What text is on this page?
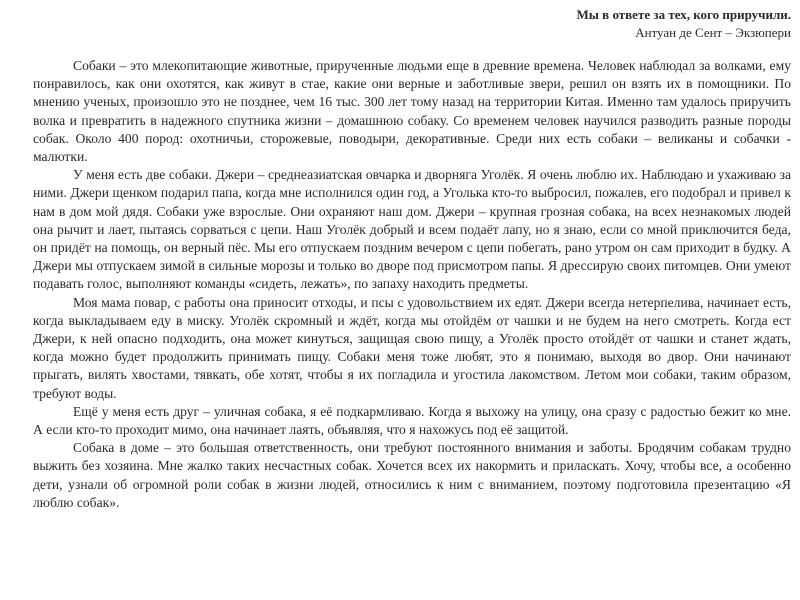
Мы в ответе за тех, кого приручили.
Антуан де Сент – Экзюпери

Собаки – это млекопитающие животные, прирученные людьми еще в древние времена. Человек наблюдал за волками, ему понравилось, как они охотятся, как живут в стае, какие они верные и заботливые звери, решил он взять их в помощники. По мнению ученых, произошло это не позднее, чем 16 тыс. 300 лет тому назад на территории Китая. Именно там удалось приручить волка и превратить в надежного спутника жизни – домашнюю собаку. Со временем человек научился разводить разные породы собак. Около 400 пород: охотничьи, сторожевые, поводыри, декоративные. Среди них есть собаки – великаны и собачки - малютки.

У меня есть две собаки. Джери – среднеазиатская овчарка и дворняга Уголёк. Я очень люблю их. Наблюдаю и ухаживаю за ними. Джери щенком подарил папа, когда мне исполнился один год, а Уголька кто-то выбросил, пожалев, его подобрал и привел к нам в дом мой дядя. Собаки уже взрослые. Они охраняют наш дом. Джери – крупная грозная собака, на всех незнакомых людей она рычит и лает, пытаясь сорваться с цепи. Наш Уголёк добрый и всем подаёт лапу, но я знаю, если со мной приключится беда, он придёт на помощь, он верный пёс. Мы его отпускаем поздним вечером с цепи побегать, рано утром он сам приходит в будку. А Джери мы отпускаем зимой в сильные морозы и только во дворе под присмотром папы. Я дрессирую своих питомцев. Они умеют подавать голос, выполняют команды «сидеть, лежать», по запаху находить предметы.

Моя мама повар, с работы она приносит отходы, и псы с удовольствием их едят. Джери всегда нетерпелива, начинает есть, когда выкладываем еду в миску. Уголёк скромный и ждёт, когда мы отойдём от чашки и не будем на него смотреть. Когда ест Джери, к ней опасно подходить, она может кинуться, защищая свою пищу, а Уголёк просто отойдёт от чашки и станет ждать, когда можно будет продолжить принимать пищу. Собаки меня тоже любят, это я понимаю, выходя во двор. Они начинают прыгать, вилять хвостами, тявкать, обе хотят, чтобы я их погладила и угостила лакомством. Летом мои собаки, таким образом, требуют воды.

Ещё у меня есть друг – уличная собака, я её подкармливаю. Когда я выхожу на улицу, она сразу с радостью бежит ко мне. А если кто-то проходит мимо, она начинает лаять, объявляя, что я нахожусь под её защитой.

Собака в доме – это большая ответственность, они требуют постоянного внимания и заботы. Бродячим собакам трудно выжить без хозяина. Мне жалко таких несчастных собак. Хочется всех их накормить и приласкать. Хочу, чтобы все, а особенно дети, узнали об огромной роли собак в жизни людей, относились к ним с вниманием, поэтому подготовила презентацию «Я люблю собак».
